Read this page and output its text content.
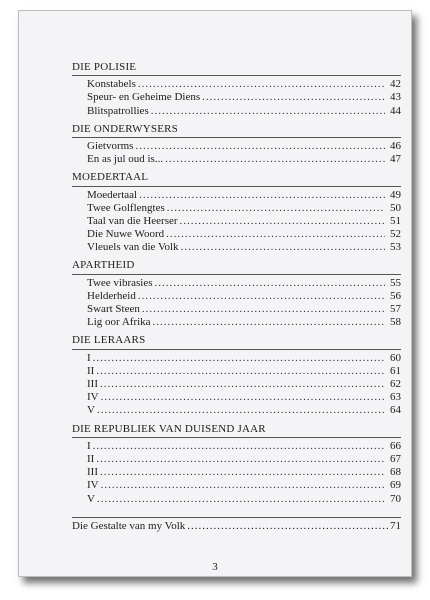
DIE POLISIE
Konstabels .....	42
Speur- en Geheime Diens .....	43
Blitspatrollies .....	44
DIE ONDERWYSERS
Gietvorms .....	46
En as jul oud is... .....	47
MOEDERTAAL
Moedertaal .....	49
Twee Golflengtes .....	50
Taal van die Heerser .....	51
Die Nuwe Woord .....	52
Vleuels van die Volk .....	53
APARTHEID
Twee vibrasies .....	55
Helderheid .....	56
Swart Steen .....	57
Lig oor Afrika .....	58
DIE LERAARS
I .....	60
II .....	61
III .....	62
IV .....	63
V .....	64
DIE REPUBLIEK VAN DUISEND JAAR
I .....	66
II .....	67
III .....	68
IV .....	69
V .....	70
Die Gestalte van my Volk .....	71
3
